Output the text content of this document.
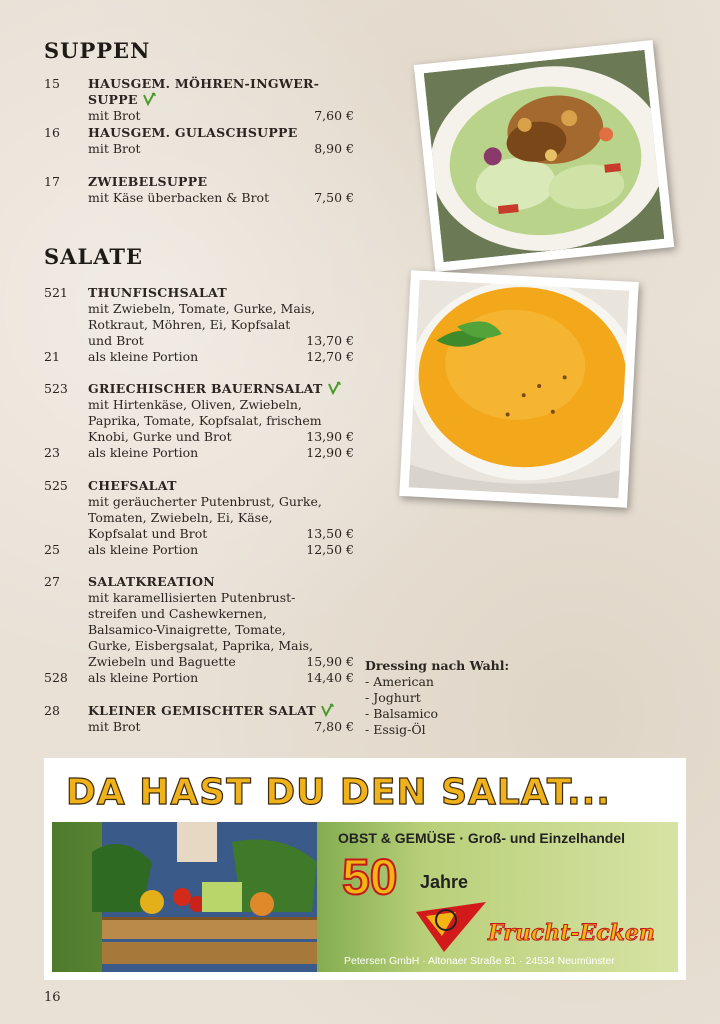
SUPPEN
15	HAUSGEM. MÖHREN-INGWER-SUPPE
mit Brot	7,60 €
16	HAUSGEM. GULASCHSUPPE
mit Brot	8,90 €
17	ZWIEBELSUPPE
mit Käse überbacken & Brot	7,50 €
SALATE
521	THUNFISCHSALAT
mit Zwiebeln, Tomate, Gurke, Mais,
Rotkraut, Möhren, Ei, Kopfsalat
und Brot	13,70 €
21	als kleine Portion	12,70 €
523	GRIECHISCHER BAUERNSALAT
mit Hirtenkäse, Oliven, Zwiebeln,
Paprika, Tomate, Kopfsalat, frischem
Knobi, Gurke und Brot	13,90 €
23	als kleine Portion	12,90 €
525	CHEFSALAT
mit geräucherter Putenbrust, Gurke,
Tomaten, Zwiebeln, Ei, Käse,
Kopfsalat und Brot	13,50 €
25	als kleine Portion	12,50 €
27	SALATKREATION
mit karamellisierten Putenbrust-
streifen und Cashewkernen,
Balsamico-Vinaigrette, Tomate,
Gurke, Eisbergsalat, Paprika, Mais,
Zwiebeln und Baguette	15,90 €
528	als kleine Portion	14,40 €
28	KLEINER GEMISCHTER SALAT
mit Brot	7,80 €
Dressing nach Wahl:
- American
- Joghurt
- Balsamico
- Essig-Öl
DA HAST DU DEN SALAT...
OBST & GEMÜSE · Groß- und Einzelhandel
50 Jahre
Frucht-Ecken
Petersen GmbH · Altonaer Straße 81 · 24534 Neumünster
16
